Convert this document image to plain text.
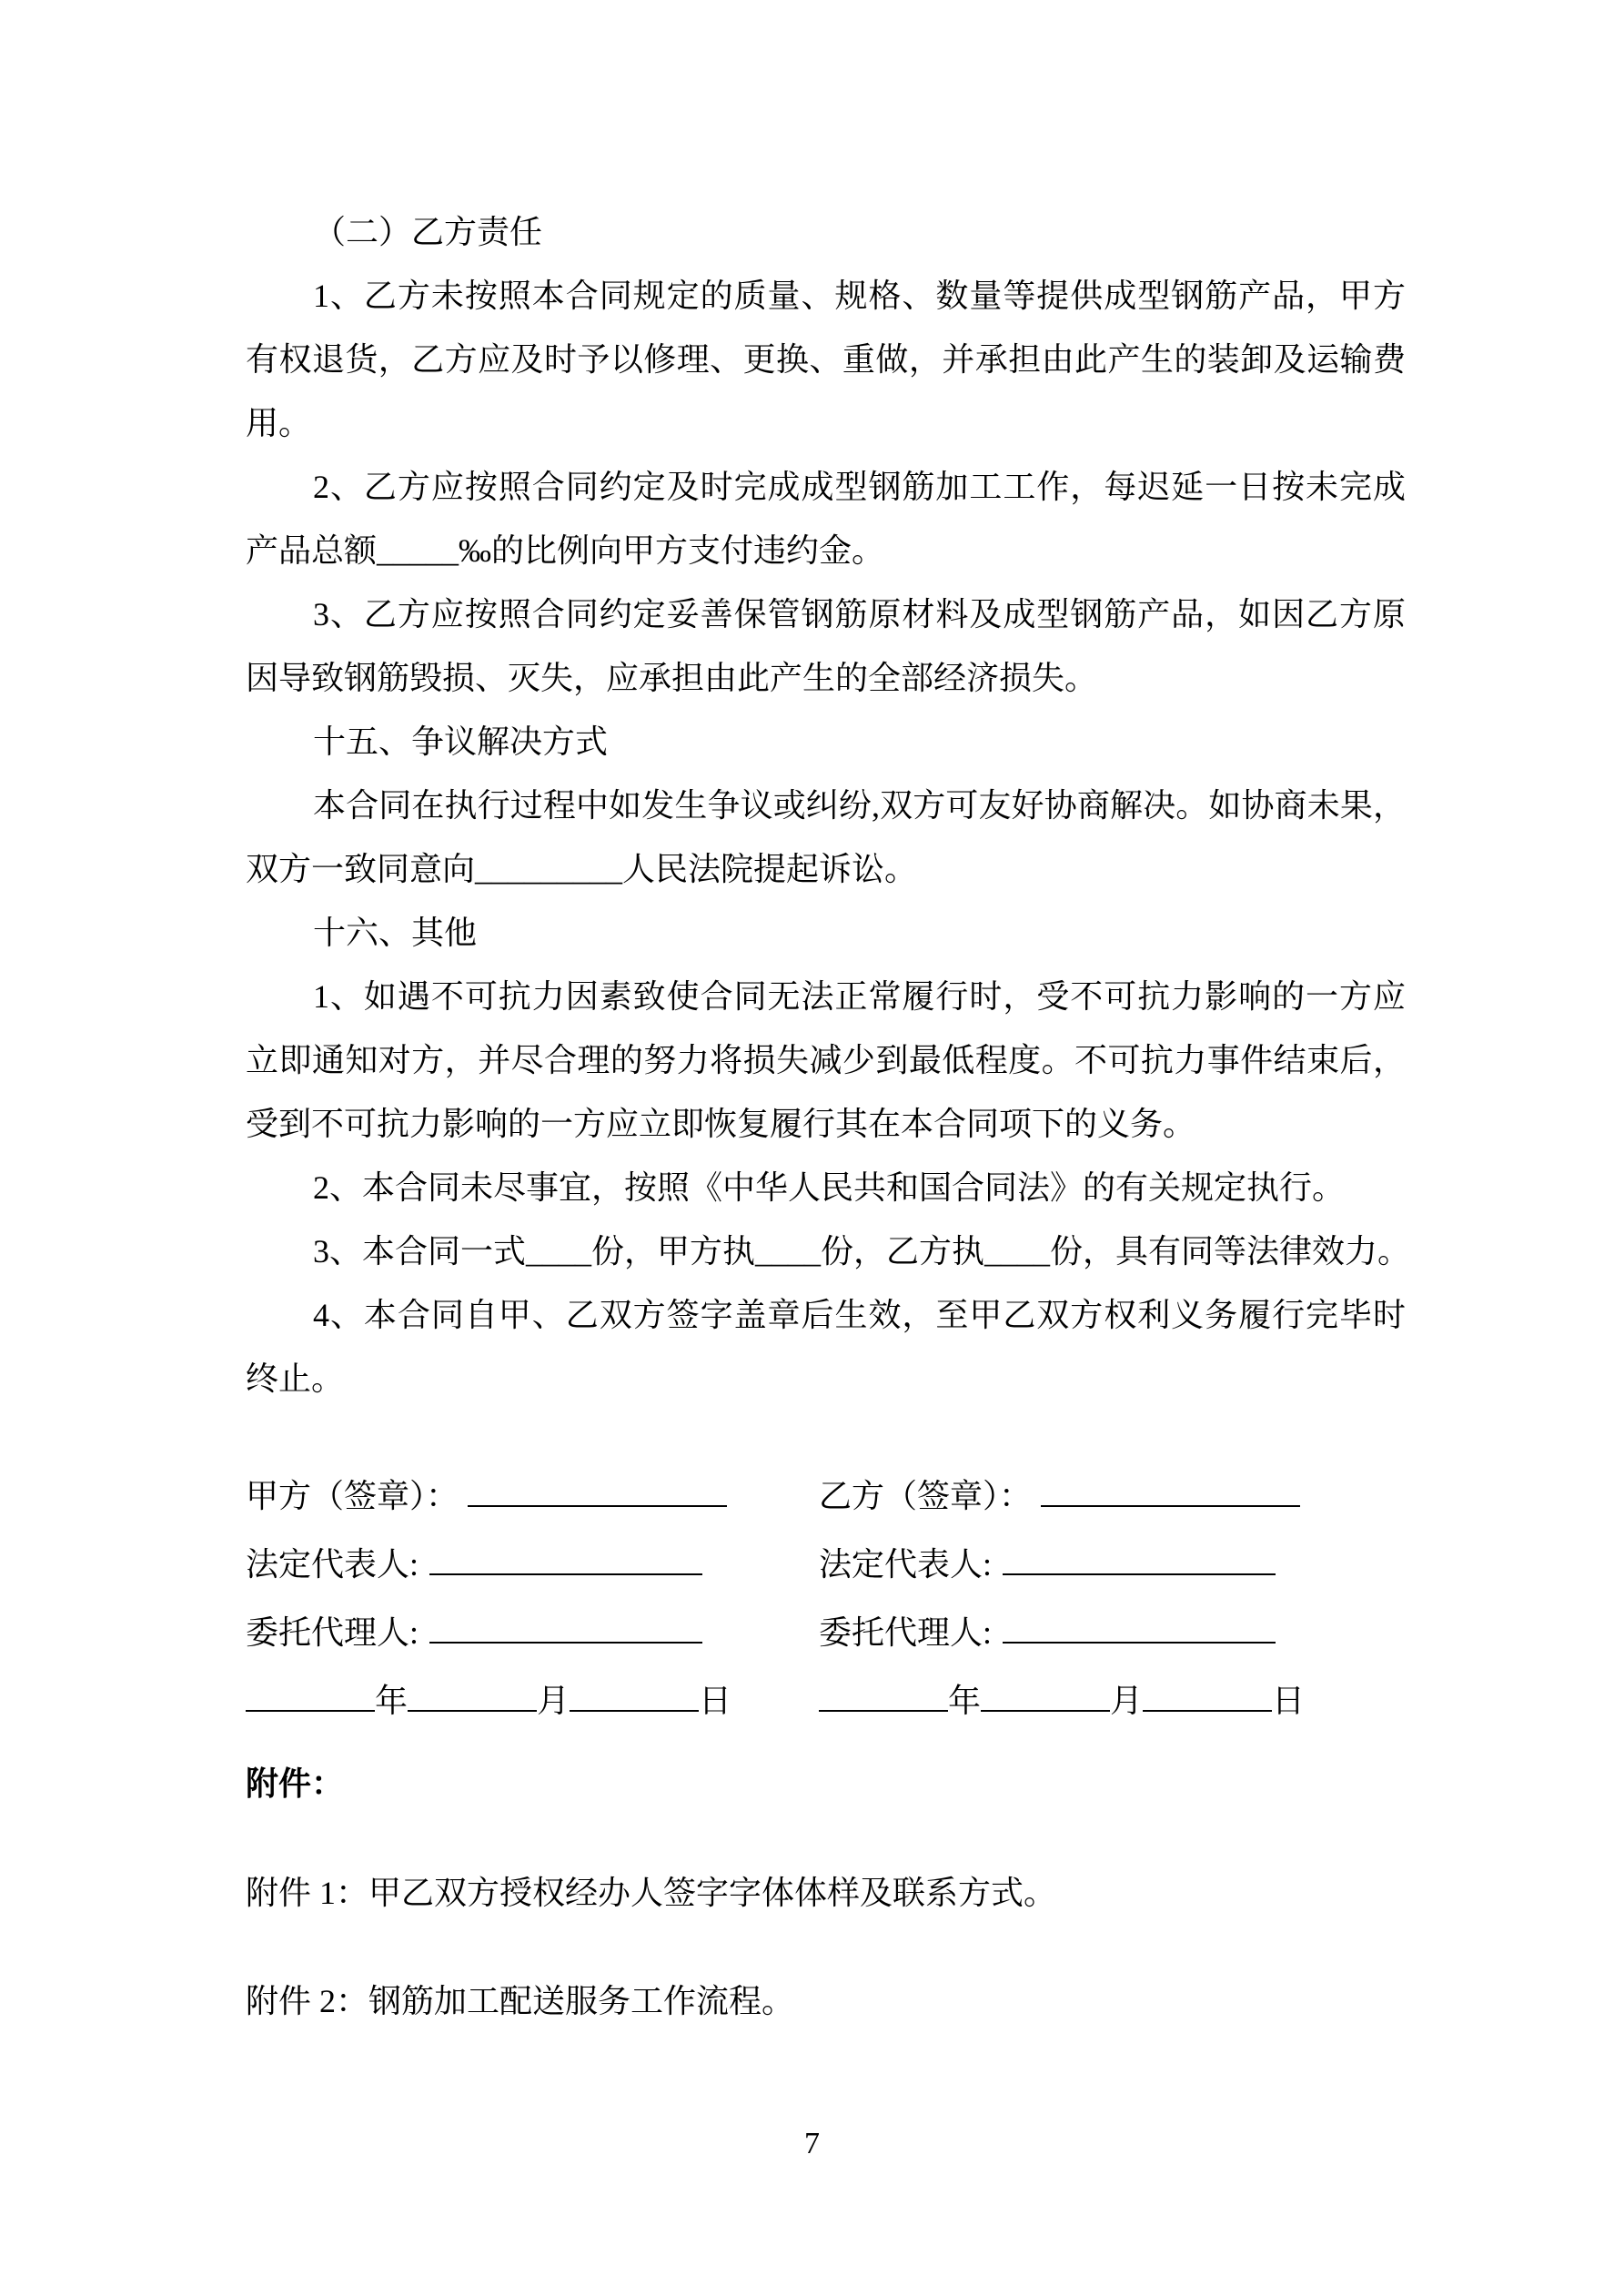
（二）乙方责任

1、乙方未按照本合同规定的质量、规格、数量等提供成型钢筋产品，甲方

有权退货，乙方应及时予以修理、更换、重做，并承担由此产生的装卸及运输费

用。

2、乙方应按照合同约定及时完成成型钢筋加工工作，每迟延一日按未完成

产品总额_____‰的比例向甲方支付违约金。

3、乙方应按照合同约定妥善保管钢筋原材料及成型钢筋产品，如因乙方原

因导致钢筋毁损、灭失，应承担由此产生的全部经济损失。

十五、争议解决方式

本合同在执行过程中如发生争议或纠纷,双方可友好协商解决。如协商未果，

双方一致同意向_________人民法院提起诉讼。

十六、其他

1、如遇不可抗力因素致使合同无法正常履行时，受不可抗力影响的一方应

立即通知对方，并尽合理的努力将损失减少到最低程度。不可抗力事件结束后，

受到不可抗力影响的一方应立即恢复履行其在本合同项下的义务。

2、本合同未尽事宜，按照《中华人民共和国合同法》的有关规定执行。

3、本合同一式____份，甲方执____份，乙方执____份，具有同等法律效力。

4、本合同自甲、乙双方签字盖章后生效，至甲乙双方权利义务履行完毕时

终止。

甲方（签章）：

法定代表人:

委托代理人:

年	月	日

乙方（签章）：

法定代表人:

委托代理人:

年	月	日

附件：

附件 1：甲乙双方授权经办人签字字体体样及联系方式。

附件 2：钢筋加工配送服务工作流程。

7
